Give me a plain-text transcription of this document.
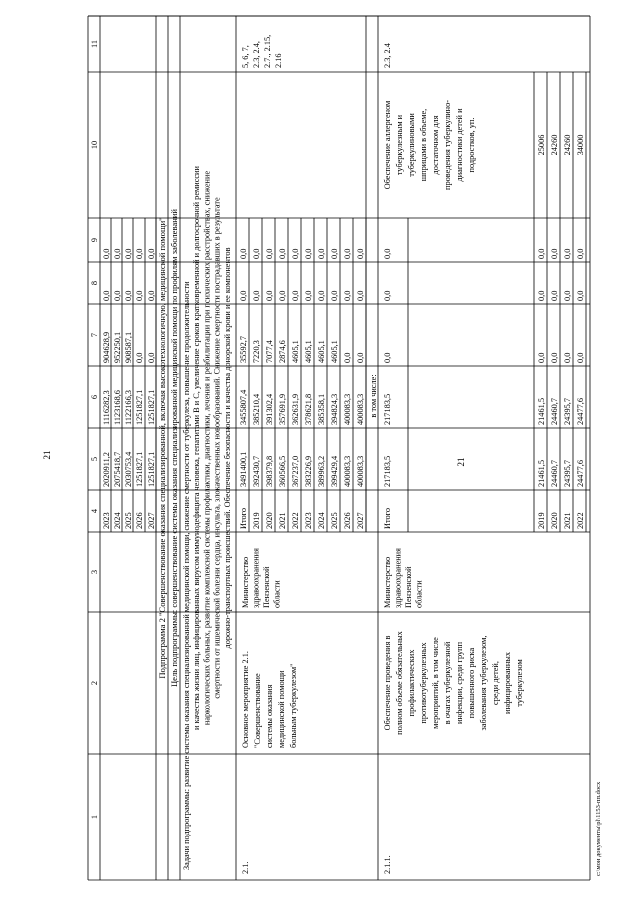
21
1
2
3
4
5
6
7
8
9
10
11
2023
2020911,2
1116282,3
904628,9
0,0
0,0
2024
2075418,7
1123168,6
952250,1
0,0
0,0
2025
2030753,4
1122166,3
908587,1
0,0
0,0
2026
1251827,1
1251827,1
0,0
0,0
0,0
2027
1251827,1
1251827,1
0,0
0,0
0,0 Подпрограмма 2 "Совершенствование оказания специализированной, включая высокотехнологичную, медицинской помощи" Цель подпрограммы: совершенствование системы оказания специализированной медицинской помощи по профилям заболеваний Задачи подпрограммы: развитие системы оказания специализированной медицинской помощи, снижение смертности от туберкулеза, повышение продолжительности и качества жизни лиц, инфицированных вирусом иммунодефицита человека, гепатитами B и C, увеличение сроков кратковременной и долгосрочной ремиссии наркологических больных, развитие комплексной системы профилактики, диагностики, лечения и реабилитации при психических расстройствах, снижение смертности от ишемической болезни сердца, инсульта, злокачественных новообразований. Снижение смертности пострадавших в результате дорожно-транспортных происшествий. Обеспечение безопасности и качества донорской крови и ее компонентов Итого
3491400,1
3455807,4
35592,7
0,0
0,0
2019
392430,7
385210,4
7220,3
0,0
0,0
2020
398379,8
391302,4
7077,4
0,0
0,0
2021
360566,5
357691,9
2874,6
0,0
0,0
2022
367237,0
362631,9
4605,1
0,0
0,0
2023
383226,9
378621,8
4605,1
0,0
0,0
2024
389963,2
385358,1
4605,1
0,0
0,0
2025
399429,4
394824,3
4605,1
0,0
0,0
2026
400083,3
400083,3
0,0
0,0
0,0
2027
400083,3
400083,3
0,0
0,0
0,0
2.1.
Основное мероприятие 2.1. "Совершенствование системы оказания медицинской помощи больным туберкулезом"
Министерство здравоохранения Пензенской области
5, 6, 7, 2.3, 2.4, 2.7., 2.15, 2.16
в том числе:
Итого
217183,5
217183,5
0,0
0,0
0,0
2019
21461,5
21461,5
0,0
0,0
0,0
25006
2020
24460,7
24460,7
0,0
0,0
0,0
24260
2021
24395,7
24395,7
0,0
0,0
0,0
24260
2022
24477,6
24477,6
0,0
0,0
0,0
34000
2.1.1.
Обеспечение проведения в полном объеме обязательных профилактических противотуберкулезных мероприятий, в том числе в очагах туберкулезной инфекции, среди групп повышенного риска заболевания туберкулезом, среди детей, инфицированных туберкулезом
Министерство здравоохранения Пензенской области
Обеспечение аллергеном туберкулезным и туберкулиновыми шприцами в объеме, достаточном для проведения туберкулино- диагностики детей и подростков, уп.
2.3, 2.4
c:\мои документы\pl\1153-пп.docx
21
